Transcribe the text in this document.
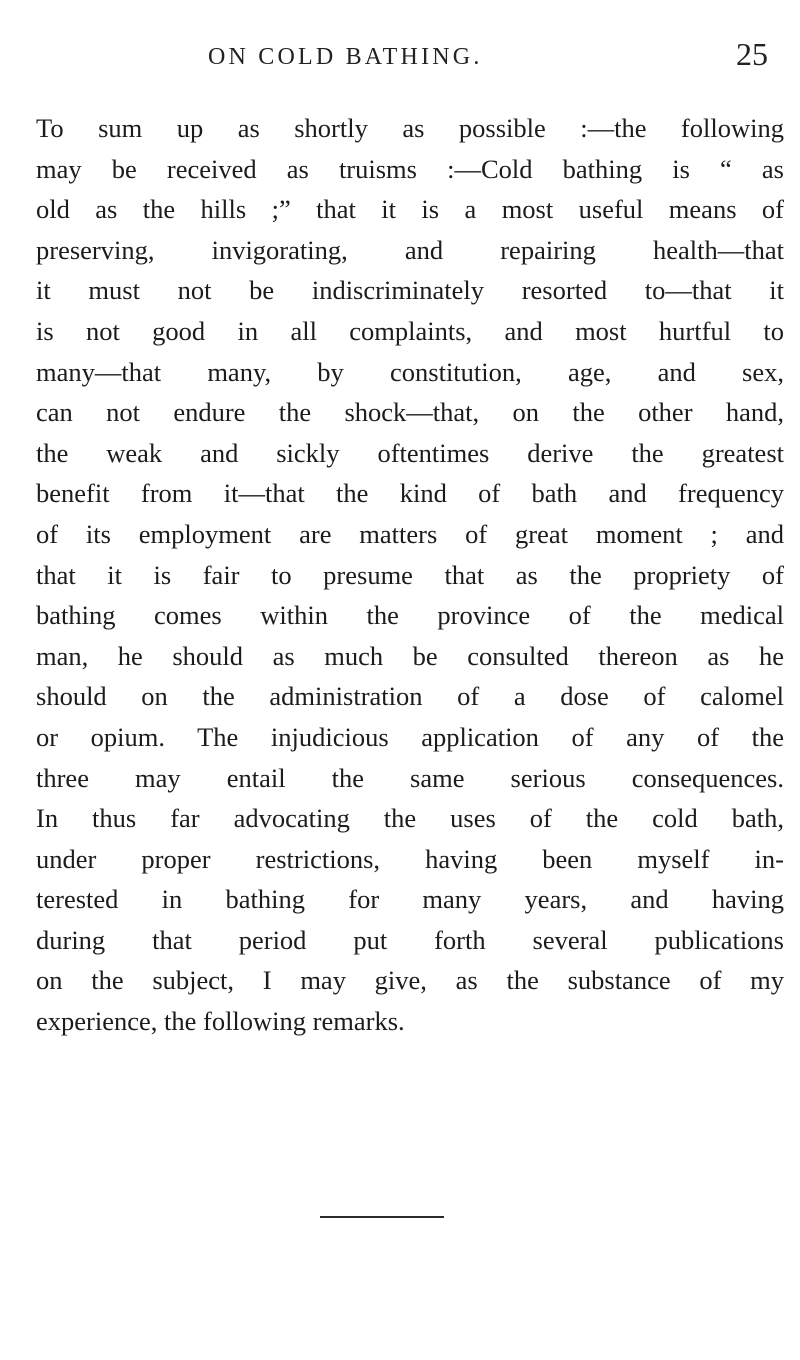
ON COLD BATHING.	25
To sum up as shortly as possible :—the following
may be received as truisms :—Cold bathing is “ as
old as the hills ;” that it is a most useful means of
preserving, invigorating, and repairing health—that
it must not be indiscriminately resorted to—that it
is not good in all complaints, and most hurtful to
many—that many, by constitution, age, and sex,
can not endure the shock—that, on the other hand,
the weak and sickly oftentimes derive the greatest
benefit from it—that the kind of bath and frequency
of its employment are matters of great moment ; and
that it is fair to presume that as the propriety of
bathing comes within the province of the medical
man, he should as much be consulted thereon as he
should on the administration of a dose of calomel
or opium. The injudicious application of any of the
three may entail the same serious consequences.
In thus far advocating the uses of the cold bath,
under proper restrictions, having been myself in-
terested in bathing for many years, and having
during that period put forth several publications
on the subject, I may give, as the substance of my
experience, the following remarks.
